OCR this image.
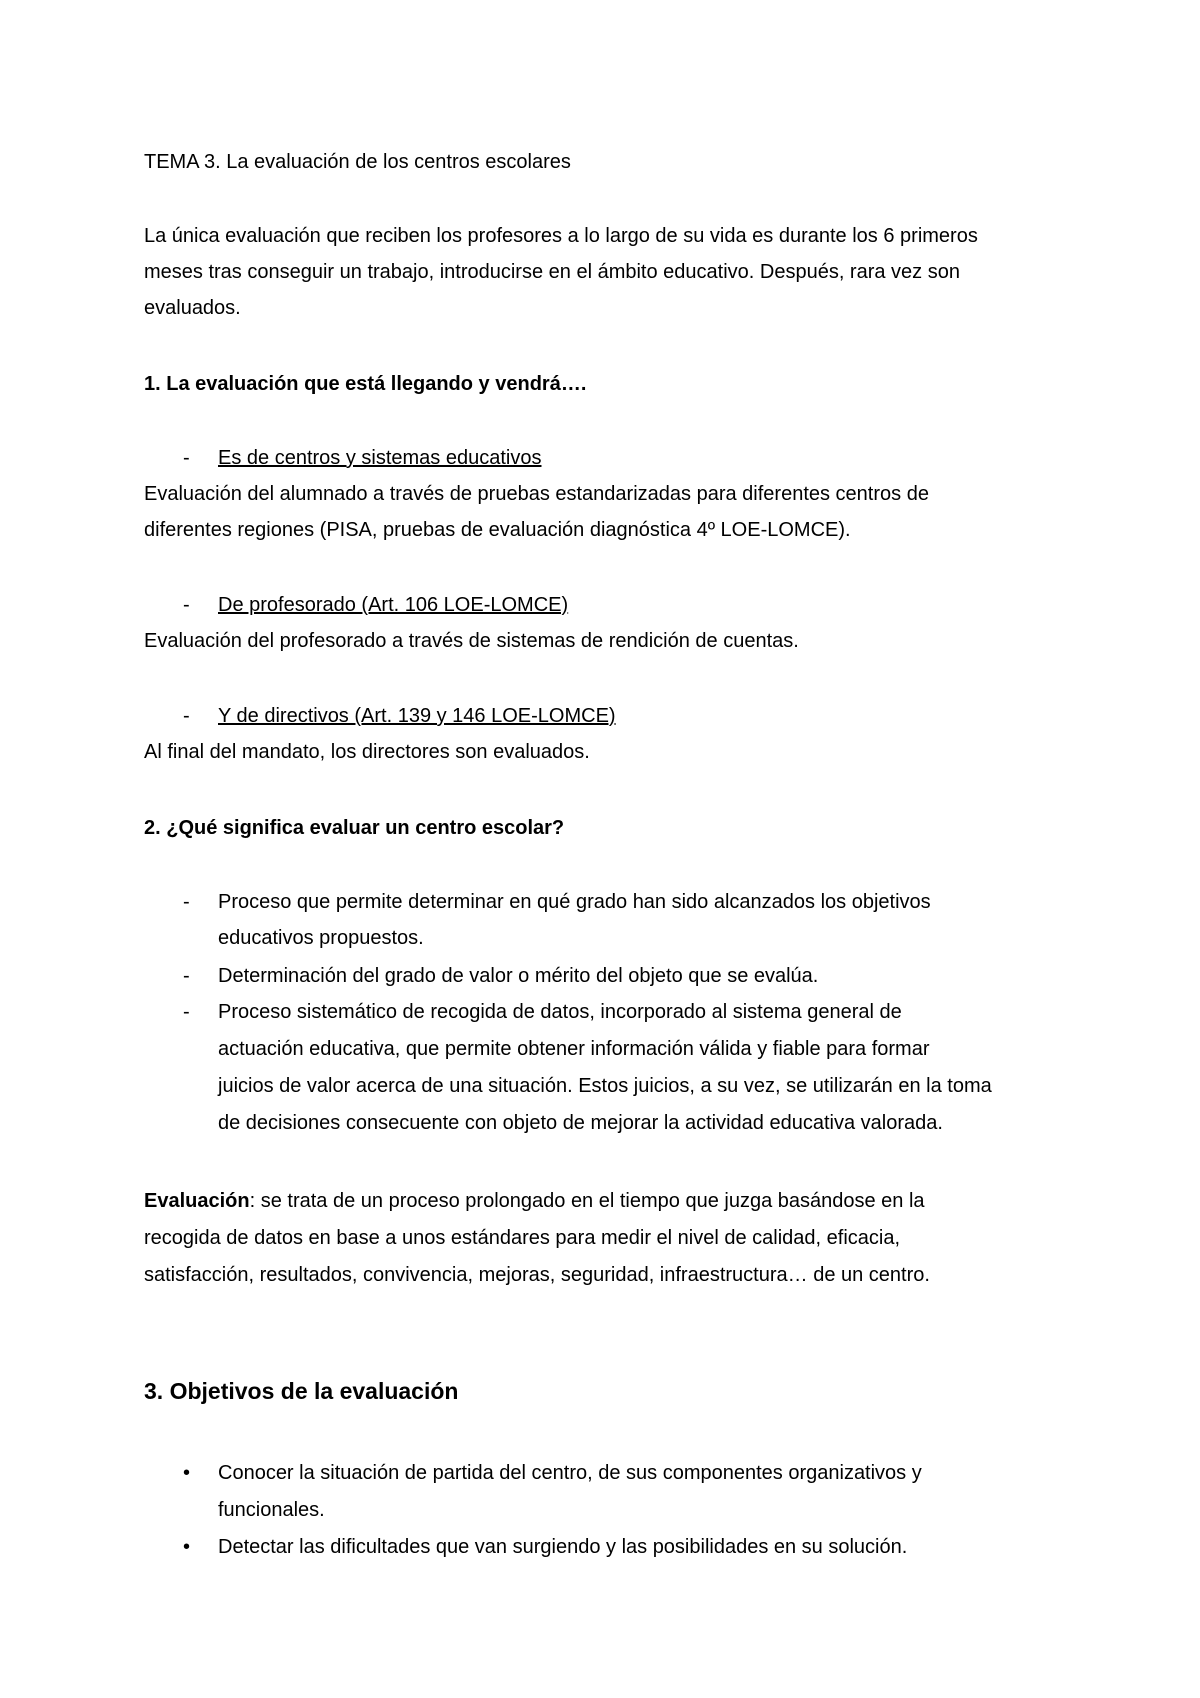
TEMA 3. La evaluación de los centros escolares
La única evaluación que reciben los profesores a lo largo de su vida es durante los 6 primeros
meses tras conseguir un trabajo, introducirse en el ámbito educativo. Después, rara vez son
evaluados.
1. La evaluación que está llegando y vendrá….
- Es de centros y sistemas educativos
Evaluación del alumnado a través de pruebas estandarizadas para diferentes centros de
diferentes regiones (PISA, pruebas de evaluación diagnóstica 4º LOE-LOMCE).
- De profesorado (Art. 106 LOE-LOMCE)
Evaluación del profesorado a través de sistemas de rendición de cuentas.
- Y de directivos (Art. 139 y 146 LOE-LOMCE)
Al final del mandato, los directores son evaluados.
2. ¿Qué significa evaluar un centro escolar?
- Proceso que permite determinar en qué grado han sido alcanzados los objetivos
educativos propuestos.
- Determinación del grado de valor o mérito del objeto que se evalúa.
- Proceso sistemático de recogida de datos, incorporado al sistema general de
actuación educativa, que permite obtener información válida y fiable para formar
juicios de valor acerca de una situación. Estos juicios, a su vez, se utilizarán en la toma
de decisiones consecuente con objeto de mejorar la actividad educativa valorada.
Evaluación: se trata de un proceso prolongado en el tiempo que juzga basándose en la
recogida de datos en base a unos estándares para medir el nivel de calidad, eficacia,
satisfacción, resultados, convivencia, mejoras, seguridad, infraestructura… de un centro.
3. Objetivos de la evaluación
• Conocer la situación de partida del centro, de sus componentes organizativos y
funcionales.
• Detectar las dificultades que van surgiendo y las posibilidades en su solución.
